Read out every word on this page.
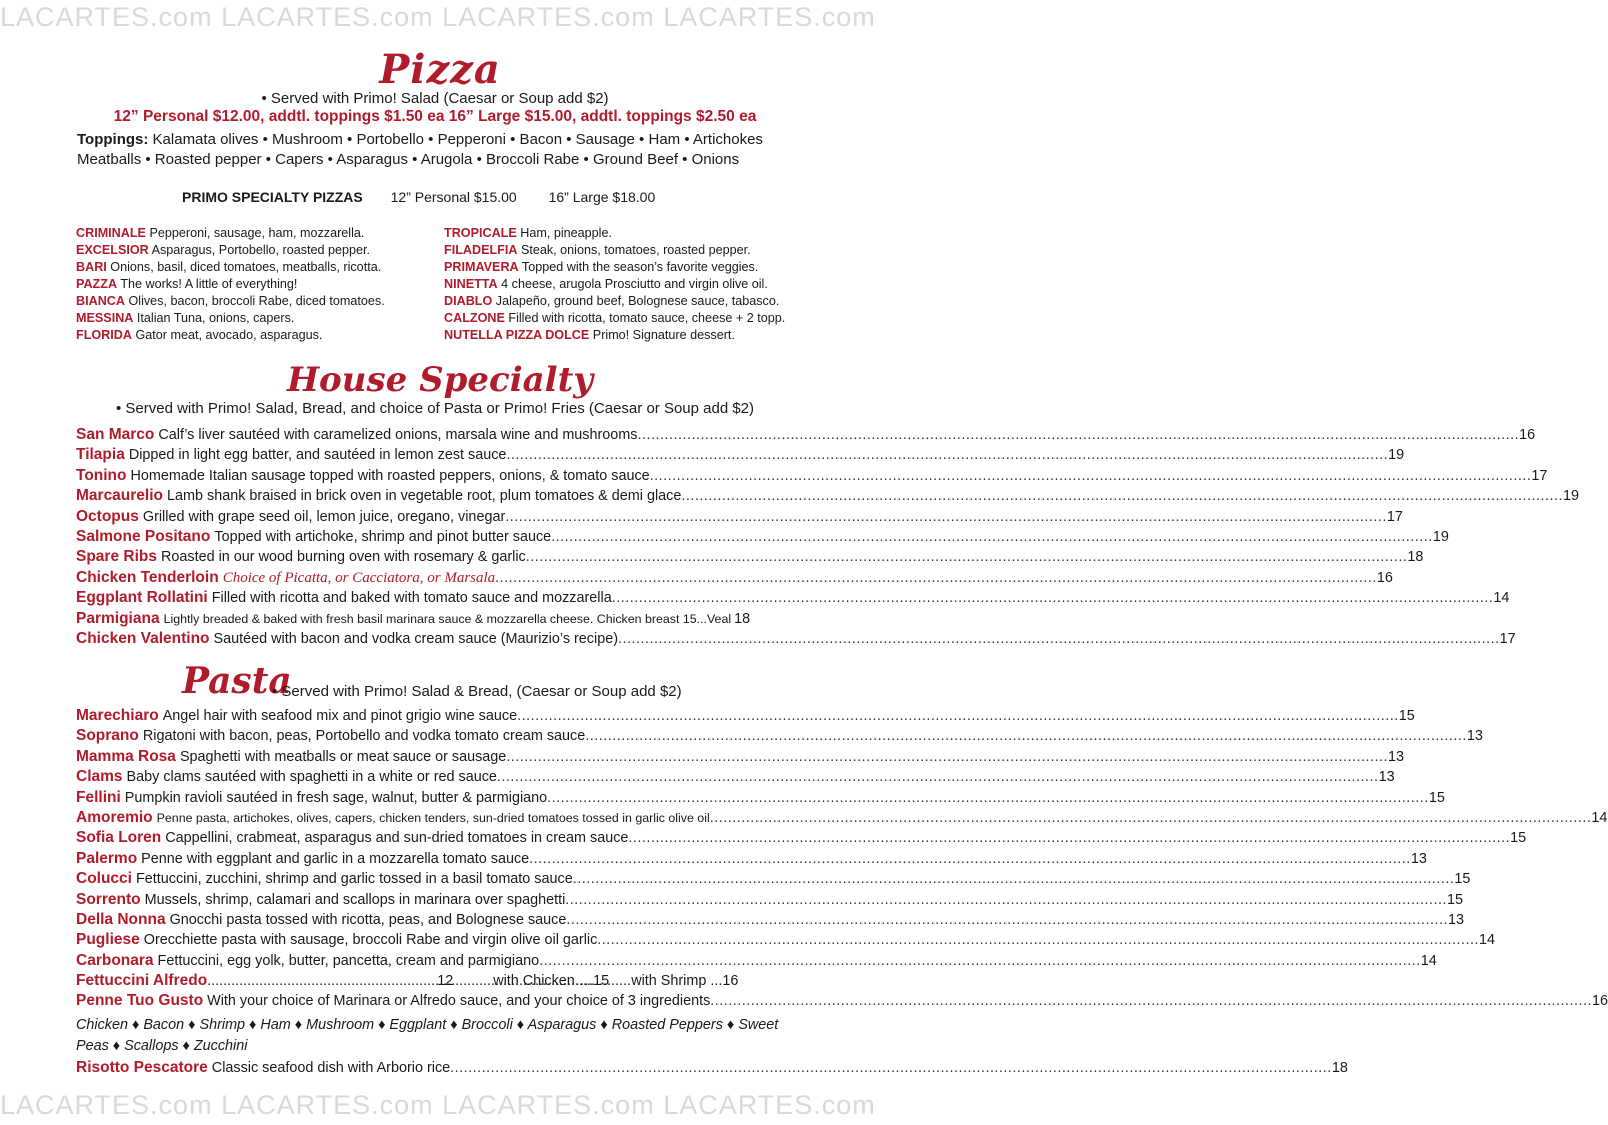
LACARTES.com LACARTES.com LACARTES.com LACARTES.com
Pizza
• Served with Primo! Salad (Caesar or Soup add $2)
12” Personal $12.00, addtl. toppings $1.50 ea 16” Large $15.00, addtl. toppings $2.50 ea
Toppings: Kalamata olives • Mushroom • Portobello • Pepperoni • Bacon • Sausage • Ham • Artichokes Meatballs • Roasted pepper • Capers • Asparagus • Arugola • Broccoli Rabe • Ground Beef • Onions
PRIMO SPECIALTY PIZZAS 12” Personal $15.00 16” Large $18.00
CRIMINALE Pepperoni, sausage, ham, mozzarella.
EXCELSIOR Asparagus, Portobello, roasted pepper.
BARI Onions, basil, diced tomatoes, meatballs, ricotta.
PAZZA The works! A little of everything!
BIANCA Olives, bacon, broccoli Rabe, diced tomatoes.
MESSINA Italian Tuna, onions, capers.
FLORIDA Gator meat, avocado, asparagus.
TROPICALE Ham, pineapple.
FILADELFIA Steak, onions, tomatoes, roasted pepper.
PRIMAVERA Topped with the season’s favorite veggies.
NINETTA 4 cheese, arugola Prosciutto and virgin olive oil.
DIABLO Jalapeño, ground beef, Bolognese sauce, tabasco.
CALZONE Filled with ricotta, tomato sauce, cheese + 2 topp.
NUTELLA PIZZA DOLCE Primo! Signature dessert.
House Specialty
• Served with Primo! Salad, Bread, and choice of Pasta or Primo! Fries (Caesar or Soup add $2)
San Marco Calf’s liver sautéed with caramelized onions, marsala wine and mushrooms .....	16
Tilapia Dipped in light egg batter, and sautéed in lemon zest sauce .....	19
Tonino Homemade Italian sausage topped with roasted peppers, onions, & tomato sauce .....	17
Marcaurelio Lamb shank braised in brick oven in vegetable root, plum tomatoes & demi glace .....	19
Octopus Grilled with grape seed oil, lemon juice, oregano, vinegar .....	17
Salmone Positano Topped with artichoke, shrimp and pinot butter sauce .....	19
Spare Ribs Roasted in our wood burning oven with rosemary & garlic .....	18
Chicken Tenderloin Choice of Picatta, or Cacciatora, or Marsala .....	16
Eggplant Rollatini Filled with ricotta and baked with tomato sauce and mozzarella .....	14
Parmigiana Lightly breaded & baked with fresh basil marinara sauce & mozzarella cheese. Chicken breast 15...Veal 18
Chicken Valentino Sautéed with bacon and vodka cream sauce (Maurizio’s recipe) .....	17
Pasta
• Served with Primo! Salad & Bread, (Caesar or Soup add $2)
Marechiaro Angel hair with seafood mix and pinot grigio wine sauce .....	15
Soprano Rigatoni with bacon, peas, Portobello and vodka tomato cream sauce .....	13
Mamma Rosa Spaghetti with meatballs or meat sauce or sausage .....	13
Clams Baby clams sautéed with spaghetti in a white or red sauce .....	13
Fellini Pumpkin ravioli sautéed in fresh sage, walnut, butter & parmigiano .....	15
Amoremio Penne pasta, artichokes, olives, capers, chicken tenders, sun-dried tomatoes tossed in garlic olive oil .....	14
Sofia Loren Cappellini, crabmeat, asparagus and sun-dried tomatoes in cream sauce .....	15
Palermo Penne with eggplant and garlic in a mozzarella tomato sauce .....	13
Colucci Fettuccini, zucchini, shrimp and garlic tossed in a basil tomato sauce .....	15
Sorrento Mussels, shrimp, calamari and scallops in marinara over spaghetti .....	15
Della Nonna Gnocchi pasta tossed with ricotta, peas, and Bolognese sauce .....	13
Pugliese Orecchiette pasta with sausage, broccoli Rabe and virgin olive oil garlic .....	14
Carbonara Fettuccini, egg yolk, butter, pancetta, cream and parmigiano .....	14
Fettuccini Alfredo .....	12	with Chicken….15 with Shrimp ...16
Penne Tuo Gusto With your choice of Marinara or Alfredo sauce, and your choice of 3 ingredients .....	16
Chicken ♦ Bacon ♦ Shrimp ♦ Ham ♦ Mushroom ♦ Eggplant ♦ Broccoli ♦ Asparagus ♦ Roasted Peppers ♦ Sweet Peas ♦ Scallops ♦ Zucchini
Risotto Pescatore Classic seafood dish with Arborio rice .....	18
LACARTES.com LACARTES.com LACARTES.com LACARTES.com
